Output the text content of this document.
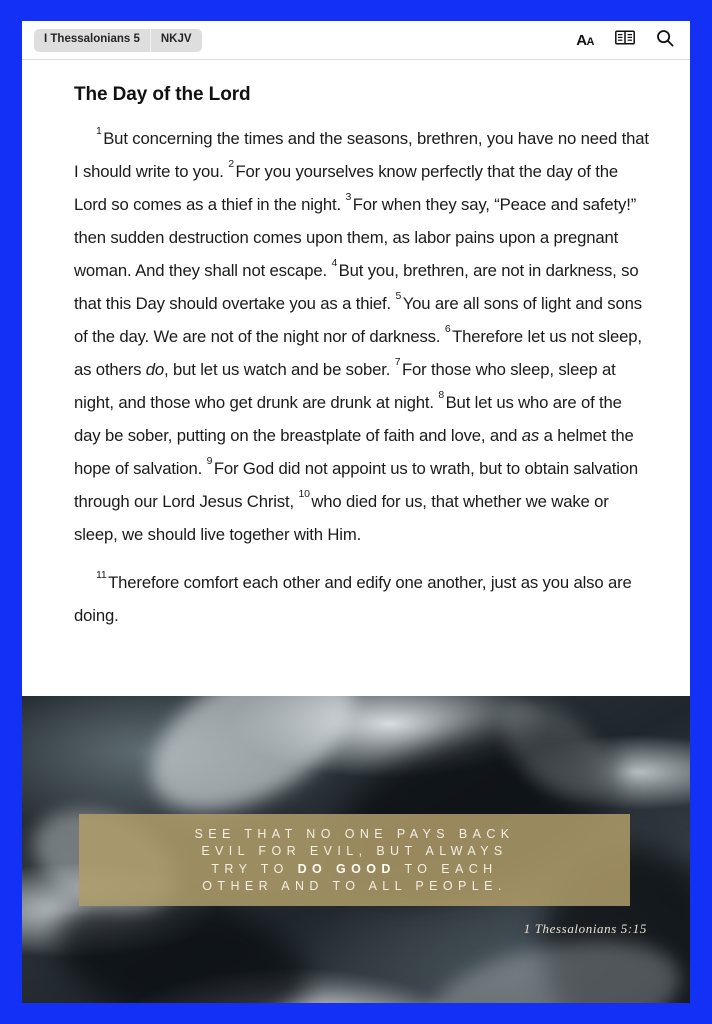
I Thessalonians 5	NKJV	AA
The Day of the Lord

$^1$But concerning the times and the seasons, brethren, you have no need that I should write to you. $^2$For you yourselves know perfectly that the day of the Lord so comes as a thief in the night. $^3$For when they say, “Peace and safety!” then sudden destruction comes upon them, as labor pains upon a pregnant woman. And they shall not escape. $^4$But you, brethren, are not in darkness, so that this Day should overtake you as a thief. $^5$You are all sons of light and sons of the day. We are not of the night nor of darkness. $^6$Therefore let us not sleep, as others do, but let us watch and be sober. $^7$For those who sleep, sleep at night, and those who get drunk are drunk at night. $^8$But let us who are of the day be sober, putting on the breastplate of faith and love, and as a helmet the hope of salvation. $^9$For God did not appoint us to wrath, but to obtain salvation through our Lord Jesus Christ, $^{10}$who died for us, that whether we wake or sleep, we should live together with Him.

$^{11}$Therefore comfort each other and edify one another, just as you also are doing.

SEE THAT NO ONE PAYS BACK
EVIL FOR EVIL, BUT ALWAYS
TRY TO DO GOOD TO EACH
OTHER AND TO ALL PEOPLE.
1 Thessalonians 5:15
